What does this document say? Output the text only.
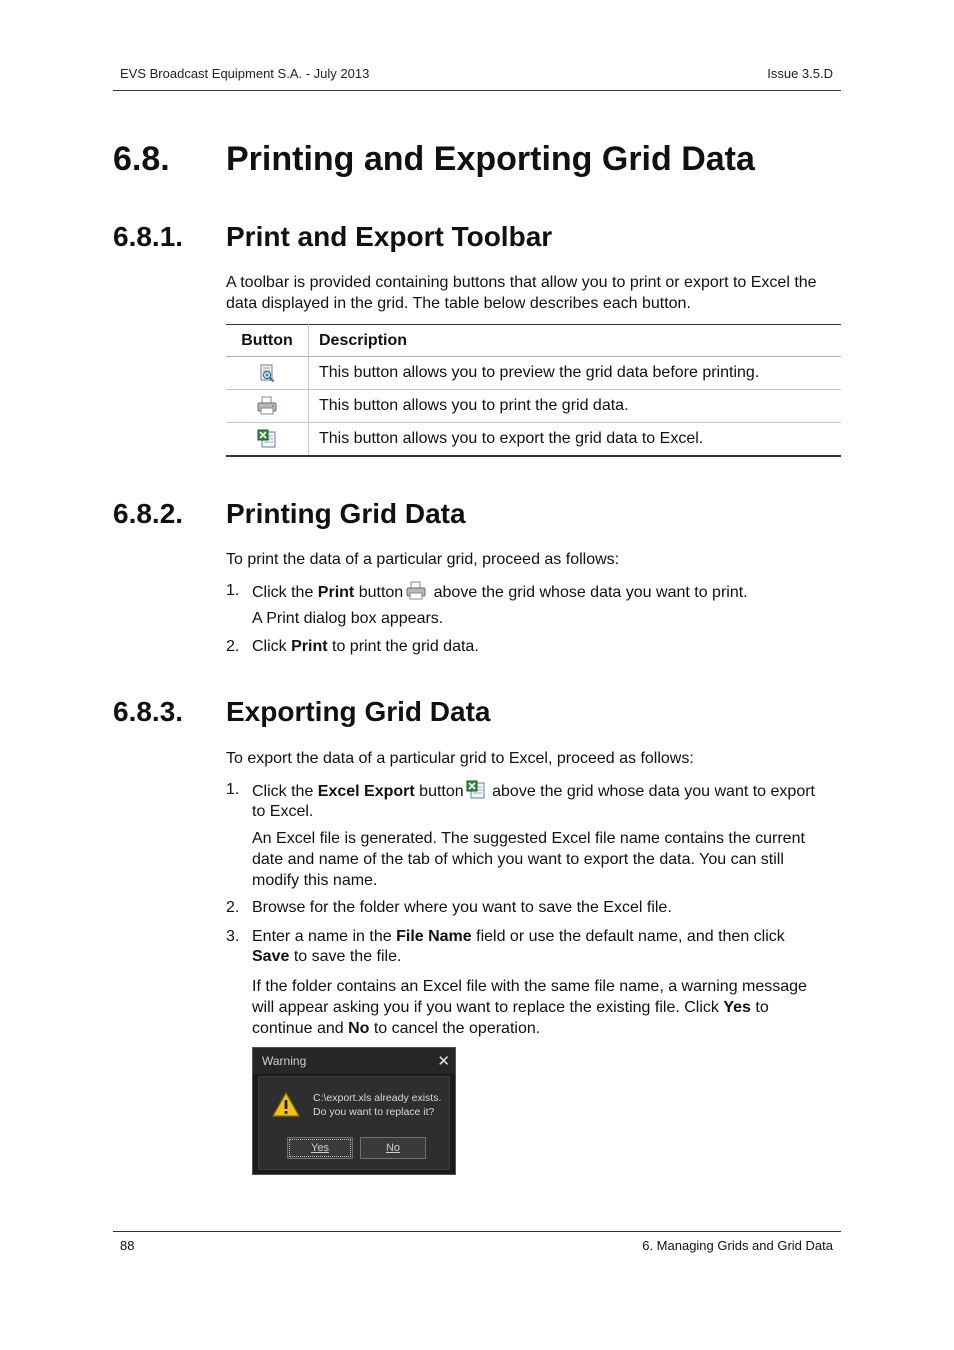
EVS Broadcast Equipment S.A. - July 2013	Issue 3.5.D
6.8. Printing and Exporting Grid Data
6.8.1. Print and Export Toolbar

A toolbar is provided containing buttons that allow you to print or export to Excel the data displayed in the grid. The table below describes each button.

Button	Description
	This button allows you to preview the grid data before printing.
	This button allows you to print the grid data.
	This button allows you to export the grid data to Excel.
6.8.2. Printing Grid Data
To print the data of a particular grid, proceed as follows:
1. Click the Print button above the grid whose data you want to print.
A Print dialog box appears.
2. Click Print to print the grid data.
6.8.3. Exporting Grid Data
To export the data of a particular grid to Excel, proceed as follows:
1. Click the Excel Export button above the grid whose data you want to export to Excel.
An Excel file is generated. The suggested Excel file name contains the current date and name of the tab of which you want to export the data. You can still modify this name.
2. Browse for the folder where you want to save the Excel file.
3. Enter a name in the File Name field or use the default name, and then click Save to save the file.
If the folder contains an Excel file with the same file name, a warning message will appear asking you if you want to replace the existing file. Click Yes to continue and No to cancel the operation.
Warning	✕
C:\export.xls already exists.
Do you want to replace it?
Yes	No
88	6. Managing Grids and Grid Data
